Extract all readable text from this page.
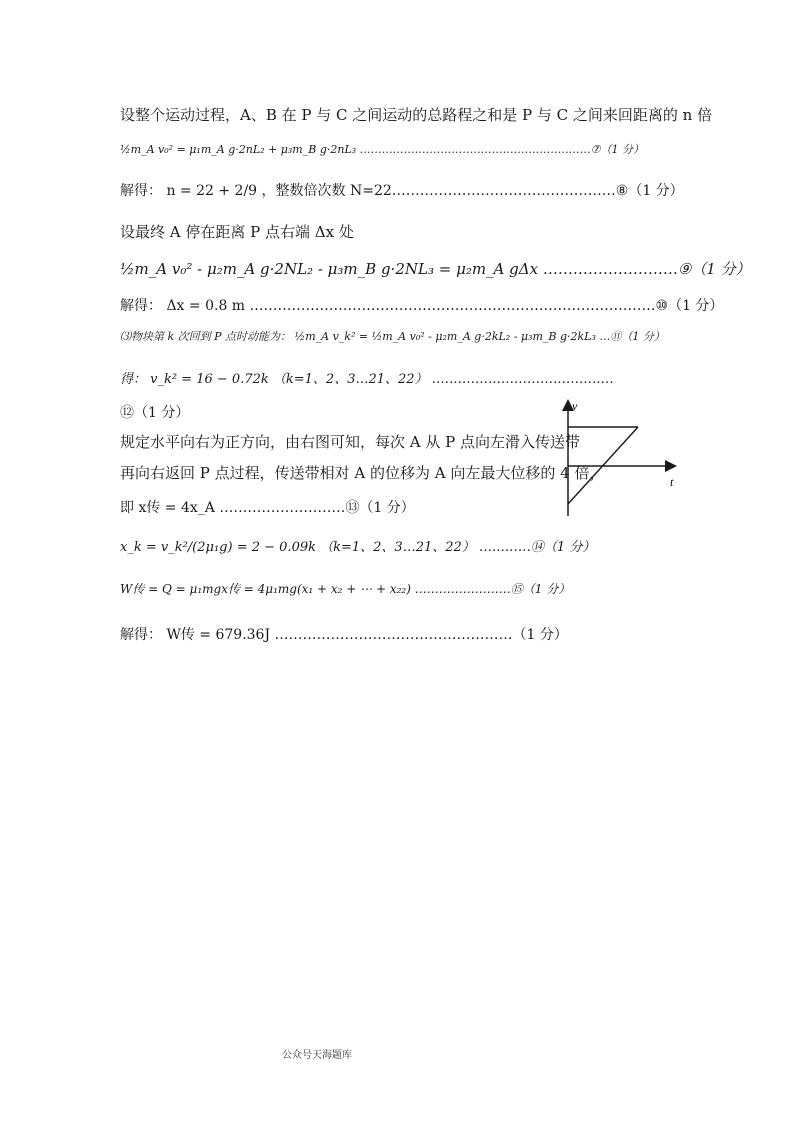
设整个运动过程，A、B 在 P 与 C 之间运动的总路程之和是 P 与 C 之间来回距离的 n 倍
½m_A v₀² = μ₁m_A g·2nL₂ + μ₃m_B g·2nL₃ ………………………………………………………⑦（1 分）
解得： n = 22 + 2/9 ，整数倍次数 N=22…………………………………………⑧（1 分）
设最终 A 停在距离 P 点右端 Δx 处
½m_A v₀² - μ₂m_A g·2NL₂ - μ₃m_B g·2NL₃ = μ₂m_A gΔx ………………………⑨（1 分）
解得： Δx = 0.8 m ……………………………………………………………………………⑩（1 分）
⑶物块第 k 次回到 P 点时动能为： ½m_A v_k² = ½m_A v₀² - μ₂m_A g·2kL₂ - μ₃m_B g·2kL₃ …⑪（1 分）
得： v_k² = 16 − 0.72k （k=1、2、3…21、22） ……………………………………
⑫（1 分）
规定水平向右为正方向，由右图可知，每次 A 从 P 点向左滑入传送带
再向右返回 P 点过程，传送带相对 A 的位移为 A 向左最大位移的 4 倍，
即 x传 = 4x_A ………………………⑬（1 分）
x_k = v_k²/(2μ₁g) = 2 − 0.09k （k=1、2、3…21、22） …………⑭（1 分）
W传 = Q = μ₁mgx传 = 4μ₁mg(x₁ + x₂ + ⋯ + x₂₂) ……………………⑮（1 分）
解得： W传 = 679.36J ……………………………………………（1 分）
v
t
公众号天海题库
